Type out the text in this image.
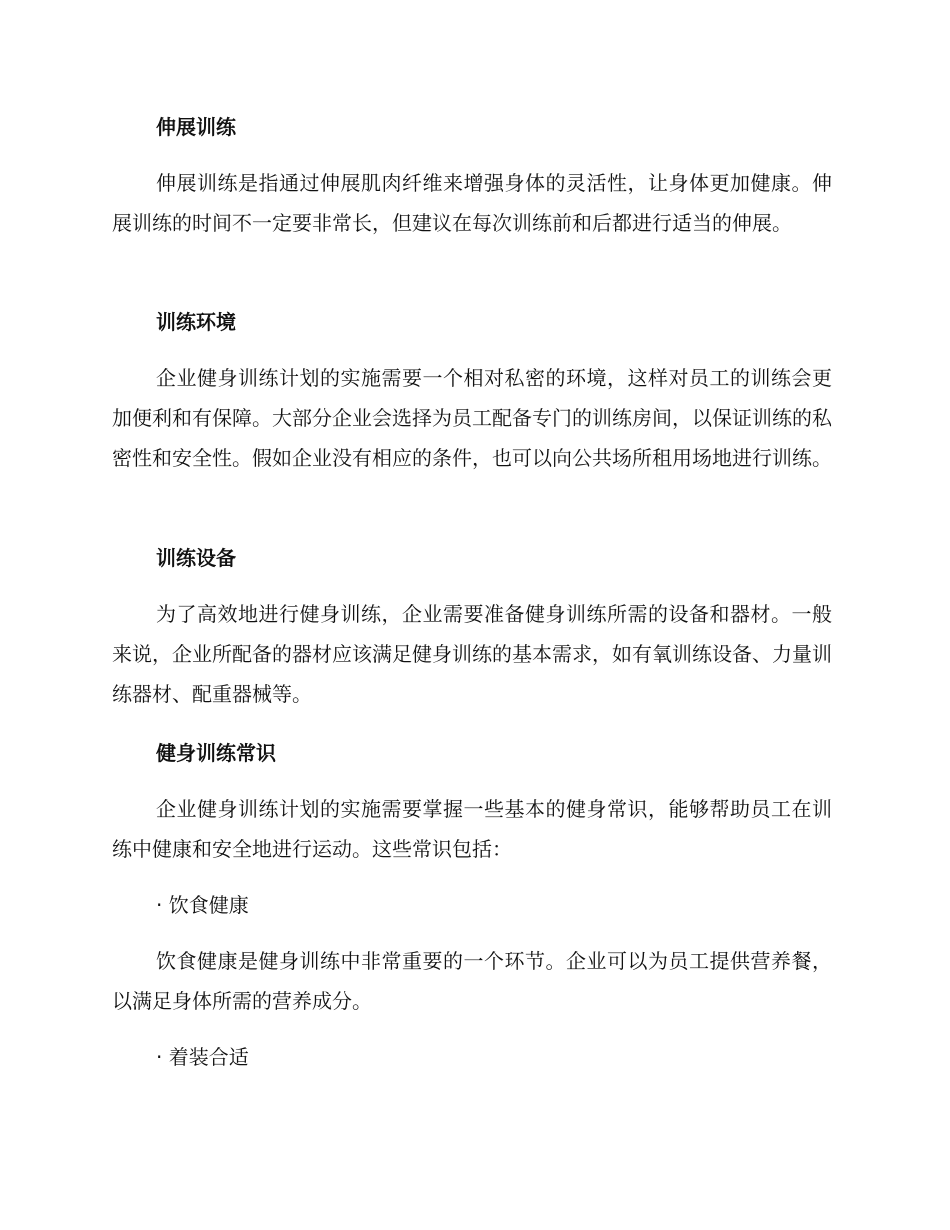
伸展训练
伸展训练是指通过伸展肌肉纤维来增强身体的灵活性，让身体更加健康。伸展训练的时间不一定要非常长，但建议在每次训练前和后都进行适当的伸展。
训练环境
企业健身训练计划的实施需要一个相对私密的环境，这样对员工的训练会更加便利和有保障。大部分企业会选择为员工配备专门的训练房间，以保证训练的私密性和安全性。假如企业没有相应的条件，也可以向公共场所租用场地进行训练。
训练设备
为了高效地进行健身训练，企业需要准备健身训练所需的设备和器材。一般来说，企业所配备的器材应该满足健身训练的基本需求，如有氧训练设备、力量训练器材、配重器械等。
健身训练常识
企业健身训练计划的实施需要掌握一些基本的健身常识，能够帮助员工在训练中健康和安全地进行运动。这些常识包括：
· 饮食健康
饮食健康是健身训练中非常重要的一个环节。企业可以为员工提供营养餐，以满足身体所需的营养成分。
· 着装合适
